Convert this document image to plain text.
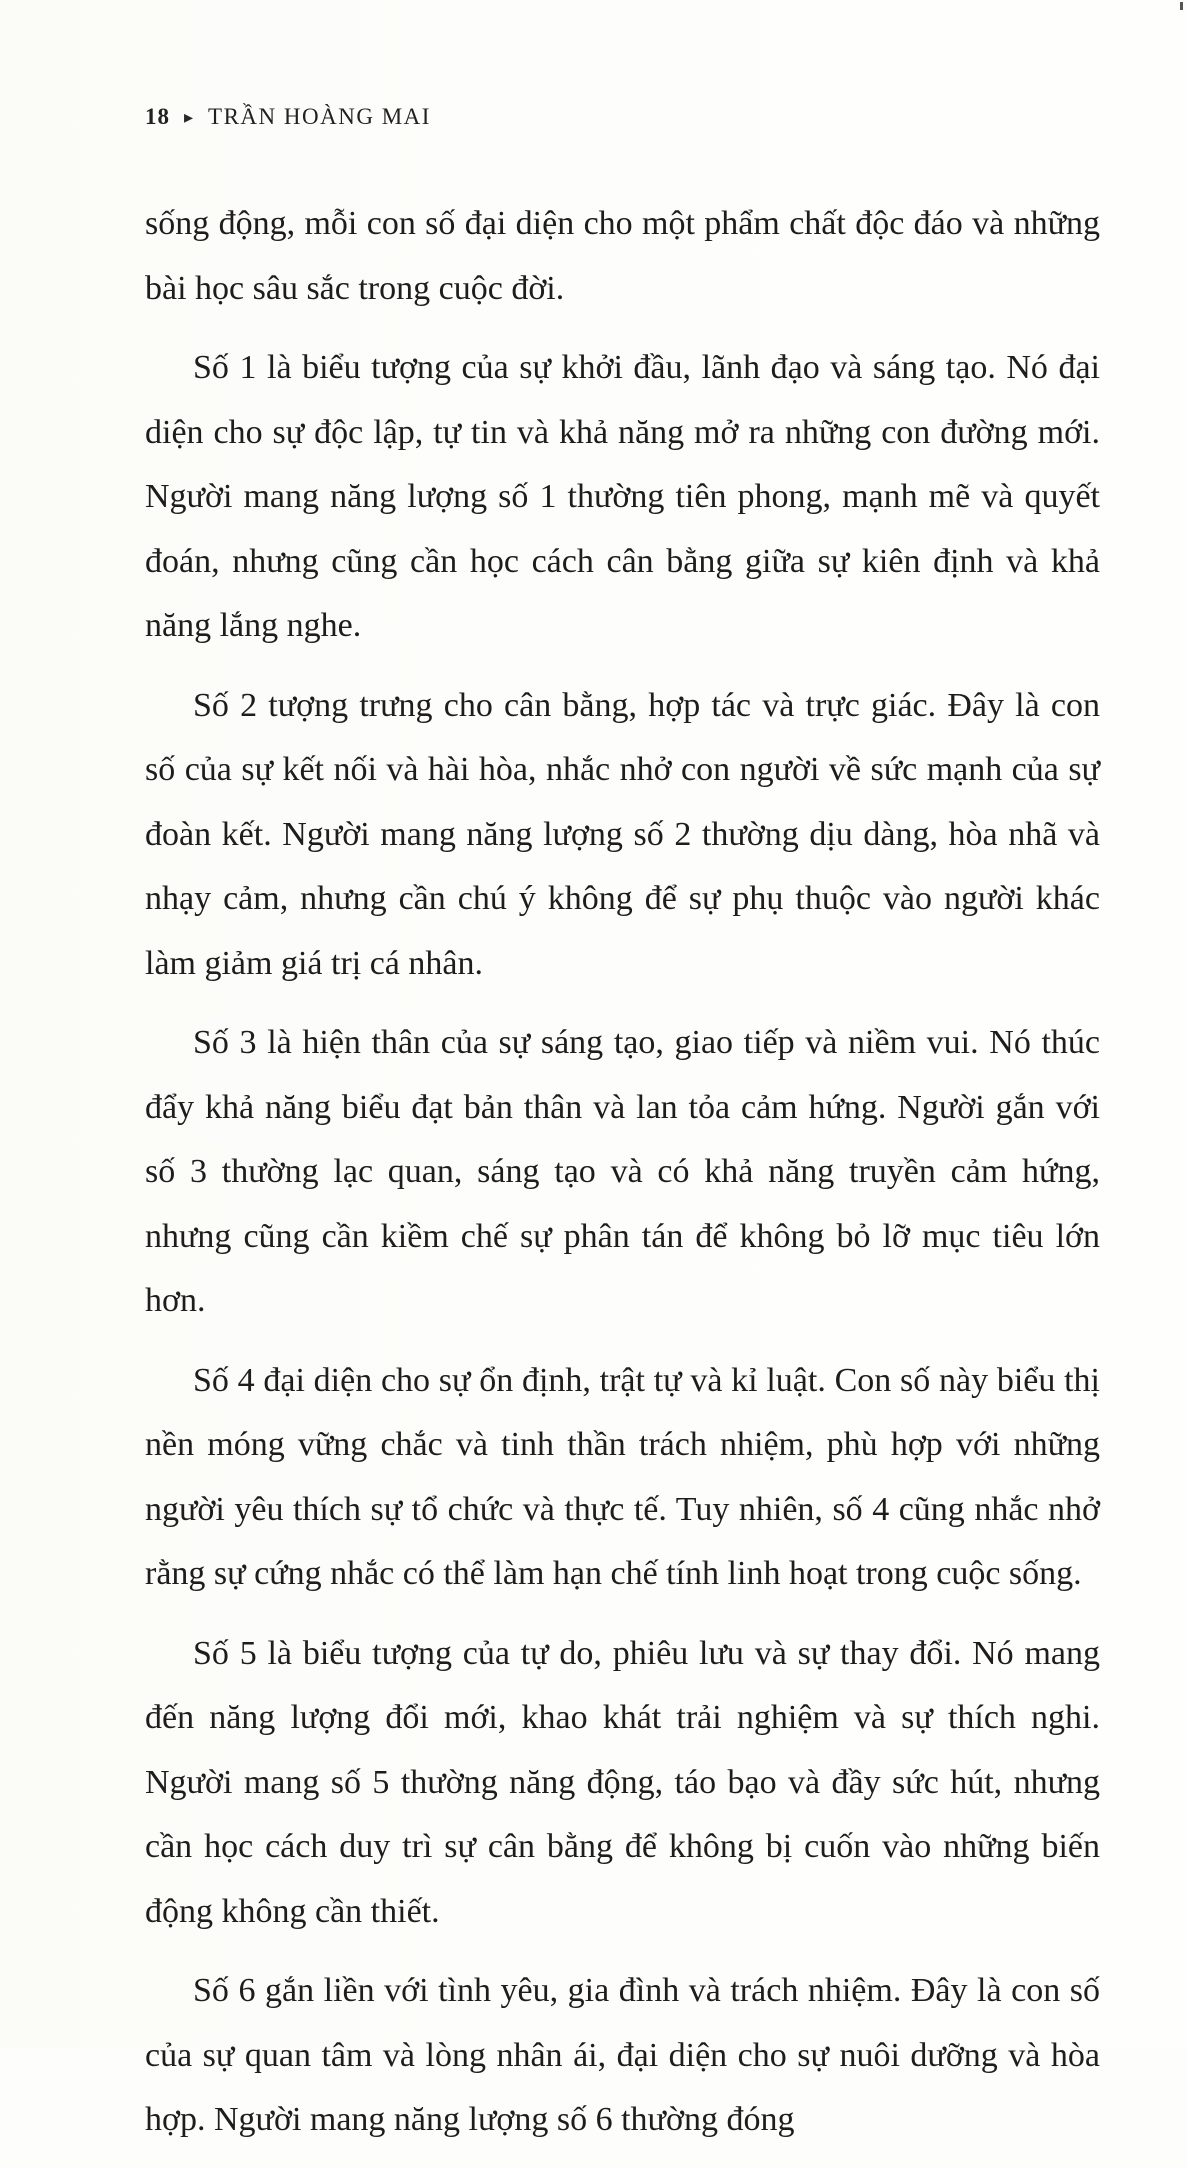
18 ▸ TRẦN HOÀNG MAI

sống động, mỗi con số đại diện cho một phẩm chất độc đáo và những bài học sâu sắc trong cuộc đời.

Số 1 là biểu tượng của sự khởi đầu, lãnh đạo và sáng tạo. Nó đại diện cho sự độc lập, tự tin và khả năng mở ra những con đường mới. Người mang năng lượng số 1 thường tiên phong, mạnh mẽ và quyết đoán, nhưng cũng cần học cách cân bằng giữa sự kiên định và khả năng lắng nghe.

Số 2 tượng trưng cho cân bằng, hợp tác và trực giác. Đây là con số của sự kết nối và hài hòa, nhắc nhở con người về sức mạnh của sự đoàn kết. Người mang năng lượng số 2 thường dịu dàng, hòa nhã và nhạy cảm, nhưng cần chú ý không để sự phụ thuộc vào người khác làm giảm giá trị cá nhân.

Số 3 là hiện thân của sự sáng tạo, giao tiếp và niềm vui. Nó thúc đẩy khả năng biểu đạt bản thân và lan tỏa cảm hứng. Người gắn với số 3 thường lạc quan, sáng tạo và có khả năng truyền cảm hứng, nhưng cũng cần kiềm chế sự phân tán để không bỏ lỡ mục tiêu lớn hơn.

Số 4 đại diện cho sự ổn định, trật tự và kỉ luật. Con số này biểu thị nền móng vững chắc và tinh thần trách nhiệm, phù hợp với những người yêu thích sự tổ chức và thực tế. Tuy nhiên, số 4 cũng nhắc nhở rằng sự cứng nhắc có thể làm hạn chế tính linh hoạt trong cuộc sống.

Số 5 là biểu tượng của tự do, phiêu lưu và sự thay đổi. Nó mang đến năng lượng đổi mới, khao khát trải nghiệm và sự thích nghi. Người mang số 5 thường năng động, táo bạo và đầy sức hút, nhưng cần học cách duy trì sự cân bằng để không bị cuốn vào những biến động không cần thiết.

Số 6 gắn liền với tình yêu, gia đình và trách nhiệm. Đây là con số của sự quan tâm và lòng nhân ái, đại diện cho sự nuôi dưỡng và hòa hợp. Người mang năng lượng số 6 thường đóng
